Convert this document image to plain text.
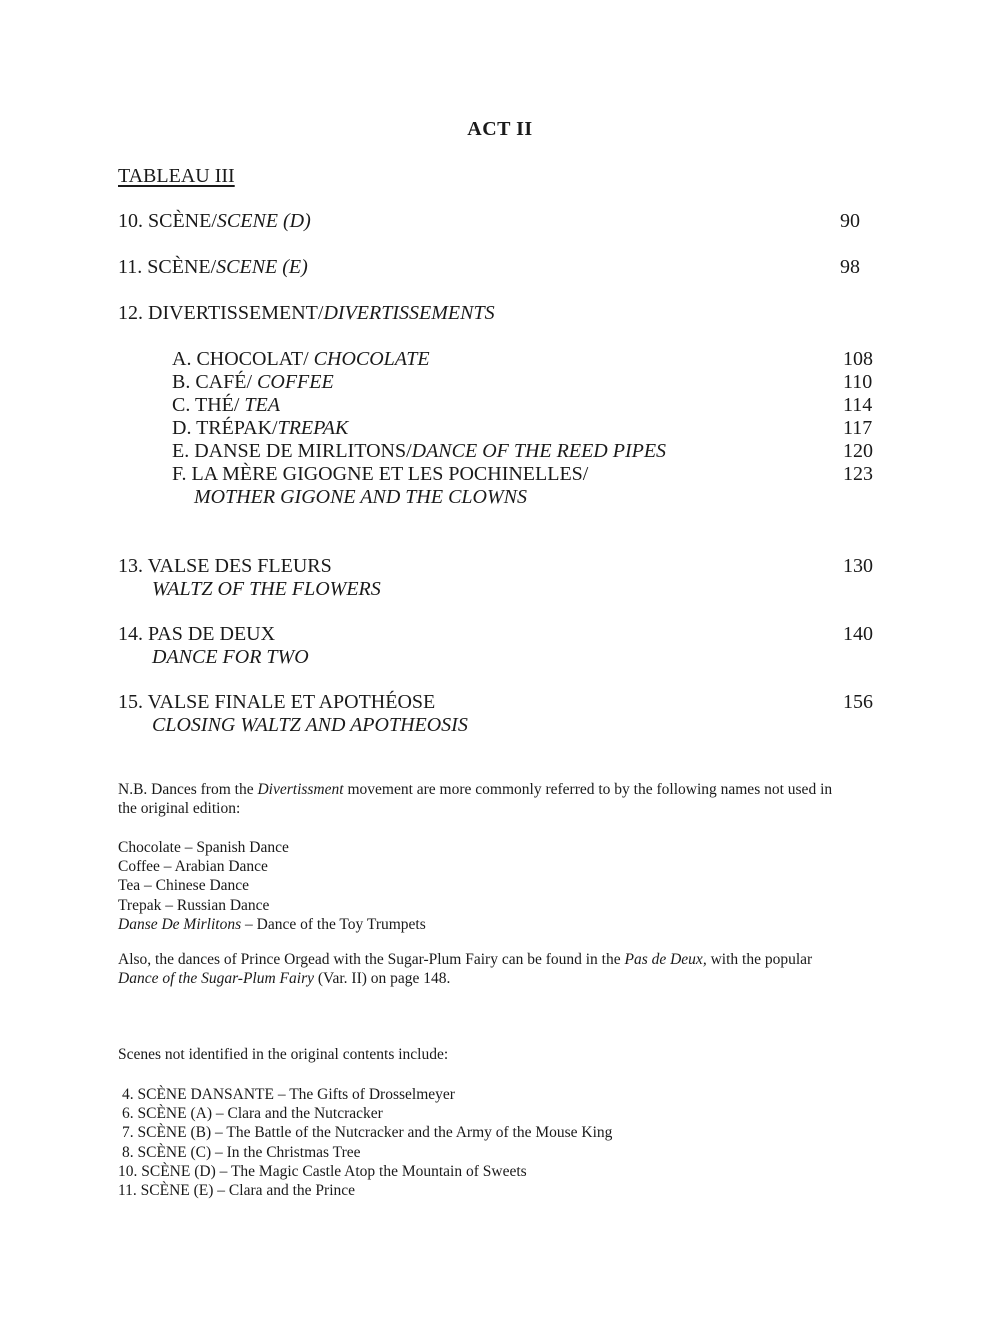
ACT II
TABLEAU III
10. SCÈNE/SCENE (D)	90
11. SCÈNE/SCENE (E)	98
12. DIVERTISSEMENT/DIVERTISSEMENTS
A. CHOCOLAT/ CHOCOLATE	108
B. CAFÉ/ COFFEE	110
C. THÉ/ TEA	114
D. TRÉPAK/TREPAK	117
E. DANSE DE MIRLITONS/DANCE OF THE REED PIPES	120
F. LA MÈRE GIGOGNE ET LES POCHINELLES/	123
MOTHER GIGONE AND THE CLOWNS
13. VALSE DES FLEURS	130
WALTZ OF THE FLOWERS
14. PAS DE DEUX	140
DANCE FOR TWO
15. VALSE FINALE ET APOTHÉOSE	156
CLOSING WALTZ AND APOTHEOSIS
N.B. Dances from the Divertissment movement are more commonly referred to by the following names not used in
the original edition:
Chocolate – Spanish Dance
Coffee – Arabian Dance
Tea – Chinese Dance
Trepak – Russian Dance
Danse De Mirlitons – Dance of the Toy Trumpets
Also, the dances of Prince Orgead with the Sugar-Plum Fairy can be found in the Pas de Deux, with the popular
Dance of the Sugar-Plum Fairy (Var. II) on page 148.
Scenes not identified in the original contents include:
4. SCÈNE DANSANTE – The Gifts of Drosselmeyer
6. SCÈNE (A) – Clara and the Nutcracker
7. SCÈNE (B) – The Battle of the Nutcracker and the Army of the Mouse King
8. SCÈNE (C) – In the Christmas Tree
10. SCÈNE (D) – The Magic Castle Atop the Mountain of Sweets
11. SCÈNE (E) – Clara and the Prince
